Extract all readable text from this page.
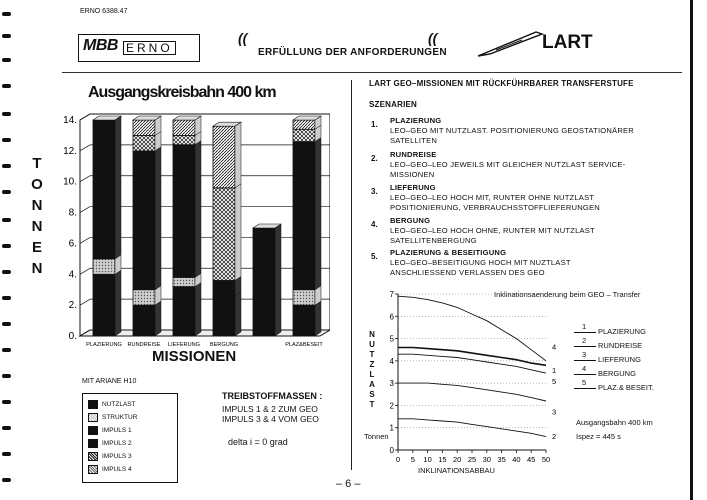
ERNO 6388.47
MBB ERNO
((	((
ERFÜLLUNG DER ANFORDERUNGEN	LART
Ausgangskreisbahn 400 km
T
O
N
N
E
N
0.
2.
4.
6.
8.
10.
12.
14.
PLAZIERUNG RUNDREISE LIEFERUNG BERGUNG	PLAZ&BESEIT
MISSIONEN
MIT ARIANE H10
NUTZLAST
STRUKTUR
IMPULS 1
IMPULS 2
IMPULS 3
IMPULS 4
TREIBSTOFFMASSEN :
IMPULS 1 & 2 ZUM GEO
IMPULS 3 & 4 VOM GEO
delta i = 0 grad
LART GEO–MISSIONEN MIT RÜCKFÜHRBARER TRANSFERSTUFE
SZENARIEN
1. PLAZIERUNG
LEO–GEO MIT NUTZLAST. POSITIONIERUNG GEOSTATIONÄRER
SATELLITEN
2. RUNDREISE
LEO–GEO–LEO JEWEILS MIT GLEICHER NUTZLAST SERVICE-
MISSIONEN
3. LIEFERUNG
LEO–GEO–LEO HOCH MIT, RUNTER OHNE NUTZLAST
POSITIONIERUNG, VERBRAUCHSSTOFFLIEFERUNGEN
4. BERGUNG
LEO–GEO–LEO HOCH OHNE, RUNTER MIT NUTZLAST
SATELLITENBERGUNG
5. PLAZIERUNG & BESEITIGUNG
LEO–GEO–BESEITIGUNG HOCH MIT NUZTLAST
ANSCHLIESSEND VERLASSEN DES GEO
Inklinationsaenderung beim GEO – Transfer
N
U
T
Z
L
A
S
T
Tonnen
0
1
2
3
4
5
6
7
0 5 10 15 20 25 30 35 40 45 50
4
1
5
3
2
INKLINATIONSABBAU
1
PLAZIERUNG
2
RUNDREISE
3
LIEFERUNG
4
BERGUNG
5
PLAZ.& BESEIT.
Ausgangsbahn 400 km
Ispez = 445 s
– 6 –
